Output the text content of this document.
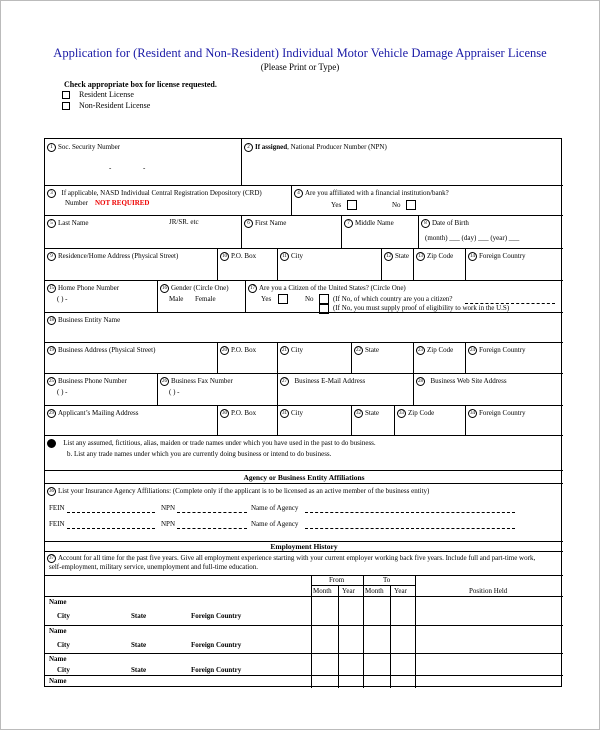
Application for (Resident and Non-Resident) Individual Motor Vehicle Damage Appraiser License
(Please Print or Type)
Check appropriate box for license requested.
Resident License
Non-Resident License
1 Soc. Security Number
-	-
2 If assigned, National Producer Number (NPN)
3 If applicable, NASD Individual Central Registration Depository (CRD)
Number NOT REQUIRED
4 Are you affiliated with a financial institution/bank?
Yes	No
5 Last Name	JR/SR. etc	6 First Name	7 Middle Name	8 Date of Birth
(month) ___ (day) ___ (year) ___
9 Residence/Home Address (Physical Street)	10 P.O. Box	11 City	12 State	13 Zip Code	14 Foreign Country
15 Home Phone Number
( ) -
16 Gender (Circle One)
Male Female
17 Are you a Citizen of the United States? (Circle One)
Yes	No	(If No, of which country are you a citizen?
(If No, you must supply proof of eligibility to work in the U.S)
18 Business Entity Name
19 Business Address (Physical Street)	20 P.O. Box	21 City	22 State	23 Zip Code	24 Foreign Country
25 Business Phone Number
( ) -
26 Business Fax Number
( ) -
27 Business E-Mail Address	28 Business Web Site Address
29 Applicant’s Mailing Address	30 P.O. Box	31 City	32 State	33 Zip Code	34 Foreign Country
List any assumed, fictitious, alias, maiden or trade names under which you have used in the past to do business.
b. List any trade names under which you are currently doing business or intend to do business.
Agency or Business Entity Affiliations
36 List your Insurance Agency Affiliations: (Complete only if the applicant is to be licensed as an active member of the business entity)
FEIN	NPN	Name of Agency
FEIN	NPN	Name of Agency
Employment History
37 Account for all time for the past five years. Give all employment experience starting with your current employer working back five years. Include full and part-time work,
self-employment, military service, unemployment and full-time education.
From	To
Month Year Month Year	Position Held
Name
City	State	Foreign Country
Name
City	State	Foreign Country
Name
City	State	Foreign Country
Name
